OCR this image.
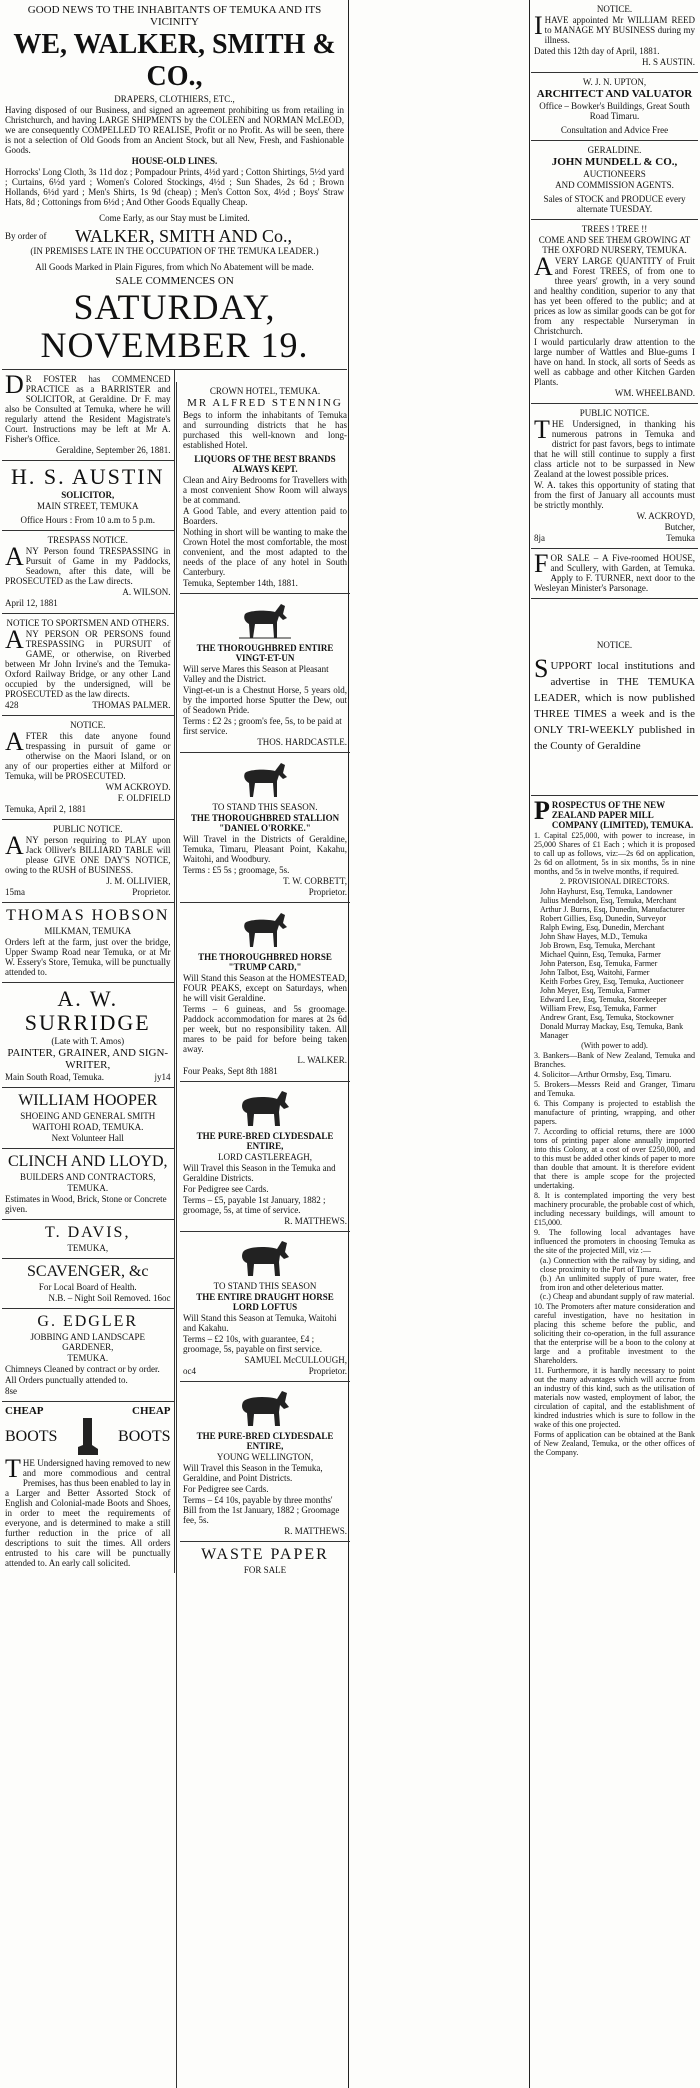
GOOD NEWS TO THE INHABITANTS OF TEMUKA AND ITS VICINITY

WE, WALKER, SMITH & CO.,

DRAPERS, CLOTHIERS, ETC.,

Having disposed of our Business, and signed an agreement prohibiting us from retailing in Christchurch, and having LARGE SHIPMENTS by the COLEEN and NORMAN McLEOD, we are consequently COMPELLED TO REALISE, Profit or no Profit. As will be seen, there is not a selection of Old Goods from an Ancient Stock, but all New, Fresh, and Fashionable Goods.

HOUSE-OLD LINES.

Horrocks' Long Cloth, 3s 11d doz ; Pompadour Prints, 4½d yard ; Cotton Shirtings, 5½d yard ; Curtains, 6½d yard ; Women's Colored Stockings, 4½d ; Sun Shades, 2s 6d ; Brown Hollands, 6½d yard ; Men's Shirts, 1s 9d (cheap) ; Men's Cotton Sox, 4½d ; Boys' Straw Hats, 8d ; Cottonings from 6½d ; And Other Goods Equally Cheap.

Come Early, as our Stay must be Limited.

By order of	WALKER, SMITH AND Co.,

(IN PREMISES LATE IN THE OCCUPATION OF THE TEMUKA LEADER.)

All Goods Marked in Plain Figures, from which No Abatement will be made.

SALE COMMENCES ON

SATURDAY, NOVEMBER 19.

DR FOSTER has COMMENCED PRACTICE as a BARRISTER and SOLICITOR, at Geraldine. Dr F. may also be Consulted at Temuka, where he will regularly attend the Resident Magistrate's Court. Instructions may be left at Mr A. Fisher's Office.

Geraldine, September 26, 1881.

H. S. AUSTIN

SOLICITOR,

MAIN STREET, TEMUKA

Office Hours : From 10 a.m to 5 p.m.

TRESPASS NOTICE.

ANY Person found TRESPASSING in Pursuit of Game in my Paddocks, Seadown, after this date, will be PROSECUTED as the Law directs.

A. WILSON.

April 12, 1881

NOTICE TO SPORTSMEN AND OTHERS.

ANY PERSON OR PERSONS found TRESPASSING in PURSUIT of GAME, or otherwise, on Riverbed between Mr John Irvine's and the Temuka-Oxford Railway Bridge, or any other Land occupied by the undersigned, will be PROSECUTED as the law directs.

428	THOMAS PALMER.

NOTICE.

AFTER this date anyone found trespassing in pursuit of game or otherwise on the Maori Island, or on any of our properties either at Milford or Temuka, will be PROSECUTED.

WM ACKROYD.

F. OLDFIELD

Temuka, April 2, 1881

PUBLIC NOTICE.

ANY person requiring to PLAY upon Jack Olliver's BILLIARD TABLE will please GIVE ONE DAY'S NOTICE, owing to the RUSH of BUSINESS.

J. M. OLLIVIER,

15ma	Proprietor.

THOMAS HOBSON

MILKMAN, TEMUKA

Orders left at the farm, just over the bridge, Upper Swamp Road near Temuka, or at Mr W. Essery's Store, Temuka, will be punctually attended to.

A. W. SURRIDGE

(Late with T. Amos)

PAINTER, GRAINER, AND SIGN-WRITER,

Main South Road, Temuka.	jy14

WILLIAM HOOPER

SHOEING AND GENERAL SMITH

WAITOHI ROAD, TEMUKA.

Next Volunteer Hall

CLINCH AND LLOYD,

BUILDERS AND CONTRACTORS,

TEMUKA.

Estimates in Wood, Brick, Stone or Concrete given.

T. DAVIS,

TEMUKA,

SCAVENGER, &c

For Local Board of Health.

N.B. – Night Soil Removed. 16oc

G. EDGLER

JOBBING AND LANDSCAPE GARDENER,

TEMUKA.

Chimneys Cleaned by contract or by order.

All Orders punctually attended to.

8se

CHEAP	CHEAP
BOOTS	BOOTS

THE Undersigned having removed to new and more commodious and central Premises, has thus been enabled to lay in a Larger and Better Assorted Stock of English and Colonial-made Boots and Shoes, in order to meet the requirements of everyone, and is determined to make a still further reduction in the price of all descriptions to suit the times. All orders entrusted to his care will be punctually attended to. An early call solicited.

CROWN HOTEL, TEMUKA.

MR ALFRED STENNING

Begs to inform the inhabitants of Temuka and surrounding districts that he has purchased this well-known and long-established Hotel.

LIQUORS OF THE BEST BRANDS ALWAYS KEPT.

Clean and Airy Bedrooms for Travellers with a most convenient Show Room will always be at command.

A Good Table, and every attention paid to Boarders.

Nothing in short will be wanting to make the Crown Hotel the most comfortable, the most convenient, and the most adapted to the needs of the place of any hotel in South Canterbury.

Temuka, September 14th, 1881.

THE THOROUGHBRED ENTIRE VINGT-ET-UN

Will serve Mares this Season at Pleasant Valley and the District.

Vingt-et-un is a Chestnut Horse, 5 years old, by the imported horse Sputter the Dew, out of Seadown Pride.

Terms : £2 2s ; groom's fee, 5s, to be paid at first service.

THOS. HARDCASTLE.

TO STAND THIS SEASON.

THE THOROUGHBRED STALLION "DANIEL O'RORKE."

Will Travel in the Districts of Geraldine, Temuka, Timaru, Pleasant Point, Kakahu, Waitohi, and Woodbury.

Terms : £5 5s ; groomage, 5s.

T. W. CORBETT,

Proprietor.

THE THOROUGHBRED HORSE "TRUMP CARD,"

Will Stand this Season at the HOMESTEAD, FOUR PEAKS, except on Saturdays, when he will visit Geraldine.

Terms – 6 guineas, and 5s groomage. Paddock accommodation for mares at 2s 6d per week, but no responsibility taken. All mares to be paid for before being taken away.

L. WALKER.

Four Peaks, Sept 8th 1881

THE PURE-BRED CLYDESDALE ENTIRE,

LORD CASTLEREAGH,

Will Travel this Season in the Temuka and Geraldine Districts.

For Pedigree see Cards.

Terms – £5, payable 1st January, 1882 ; groomage, 5s, at time of service.

R. MATTHEWS.

TO STAND THIS SEASON

THE ENTIRE DRAUGHT HORSE LORD LOFTUS

Will Stand this Season at Temuka, Waitohi and Kakahu.

Terms – £2 10s, with guarantee, £4 ; groomage, 5s, payable on first service.

SAMUEL McCULLOUGH,

oc4	Proprietor.

THE PURE-BRED CLYDESDALE ENTIRE,

YOUNG WELLINGTON,

Will Travel this Season in the Temuka, Geraldine, and Point Districts.

For Pedigree see Cards.

Terms – £4 10s, payable by three months' Bill from the 1st January, 1882 ; Groomage fee, 5s.

R. MATTHEWS.

WASTE PAPER

FOR SALE

NOTICE.

IHAVE appointed Mr WILLIAM REED to MANAGE MY BUSINESS during my illness.

Dated this 12th day of April, 1881.

H. S AUSTIN.

W. J. N. UPTON,

ARCHITECT AND VALUATOR

Office – Bowker's Buildings, Great South Road Timaru.

Consultation and Advice Free

GERALDINE.

JOHN MUNDELL & CO.,

AUCTIONEERS

AND COMMISSION AGENTS.

Sales of STOCK and PRODUCE every alternate TUESDAY.

TREES ! TREE !!

COME AND SEE THEM GROWING AT THE OXFORD NURSERY, TEMUKA.

AVERY LARGE QUANTITY of Fruit and Forest TREES, of from one to three years' growth, in a very sound and healthy condition, superior to any that has yet been offered to the public; and at prices as low as similar goods can be got for from any respectable Nurseryman in Christchurch.

I would particularly draw attention to the large number of Wattles and Blue-gums I have on hand. In stock, all sorts of Seeds as well as cabbage and other Kitchen Garden Plants.

WM. WHEELBAND.

PUBLIC NOTICE.

THE Undersigned, in thanking his numerous patrons in Temuka and district for past favors, begs to intimate that he will still continue to supply a first class article not to be surpassed in New Zealand at the lowest possible prices.

W. A. takes this opportunity of stating that from the first of January all accounts must be strictly monthly.

W. ACKROYD,

Butcher,

8ja	Temuka

FOR SALE – A Five-roomed HOUSE, and Scullery, with Garden, at Temuka. Apply to F. TURNER, next door to the Wesleyan Minister's Parsonage.

NOTICE.

SUPPORT local institutions and advertise in THE TEMUKA LEADER, which is now published THREE TIMES a week and is the ONLY TRI-WEEKLY published in the County of Geraldine

PROSPECTUS OF THE NEW ZEALAND PAPER MILL COMPANY (LIMITED), TEMUKA.

1. Capital £25,000, with power to increase, in 25,000 Shares of £1 Each ; which it is proposed to call up as follows, viz:—2s 6d on application, 2s 6d on allotment, 5s in six months, 5s in nine months, and 5s in twelve months, if required.

2. PROVISIONAL DIRECTORS.

John Hayhurst, Esq, Temuka, Landowner

Julius Mendelson, Esq, Temuka, Merchant

Arthur J. Burns, Esq, Dunedin, Manufacturer

Robert Gillies, Esq, Dunedin, Surveyor

Ralph Ewing, Esq, Dunedin, Merchant

John Shaw Hayes, M.D., Temuka

Job Brown, Esq, Temuka, Merchant

Michael Quinn, Esq, Temuka, Farmer

John Paterson, Esq, Temuka, Farmer

John Talbot, Esq, Waitohi, Farmer

Keith Forbes Grey, Esq, Temuka, Auctioneer

John Meyer, Esq, Temuka, Farmer

Edward Lee, Esq, Temuka, Storekeeper

William Frew, Esq, Temuka, Farmer

Andrew Grant, Esq, Temuka, Stockowner

Donald Murray Mackay, Esq, Temuka, Bank Manager

(With power to add).

3. Bankers—Bank of New Zealand, Temuka and Branches.

4. Solicitor—Arthur Ormsby, Esq, Timaru.

5. Brokers—Messrs Reid and Granger, Timaru and Temuka.

6. This Company is projected to establish the manufacture of printing, wrapping, and other papers.

7. According to official returns, there are 1000 tons of printing paper alone annually imported into this Colony, at a cost of over £250,000, and to this must be added other kinds of paper to more than double that amount. It is therefore evident that there is ample scope for the projected undertaking.

8. It is contemplated importing the very best machinery procurable, the probable cost of which, including necessary buildings, will amount to £15,000.

9. The following local advantages have influenced the promoters in choosing Temuka as the site of the projected Mill, viz :—

(a.) Connection with the railway by siding, and close proximity to the Port of Timaru.

(b.) An unlimited supply of pure water, free from iron and other deleterious matter.

(c.) Cheap and abundant supply of raw material.

10. The Promoters after mature consideration and careful investigation, have no hesitation in placing this scheme before the public, and soliciting their co-operation, in the full assurance that the enterprise will be a boon to the colony at large and a profitable investment to the Shareholders.

11. Furthermore, it is hardly necessary to point out the many advantages which will accrue from an industry of this kind, such as the utilisation of materials now wasted, employment of labor, the circulation of capital, and the establishment of kindred industries which is sure to follow in the wake of this one projected.

Forms of application can be obtained at the Bank of New Zealand, Temuka, or the other offices of the Company.
